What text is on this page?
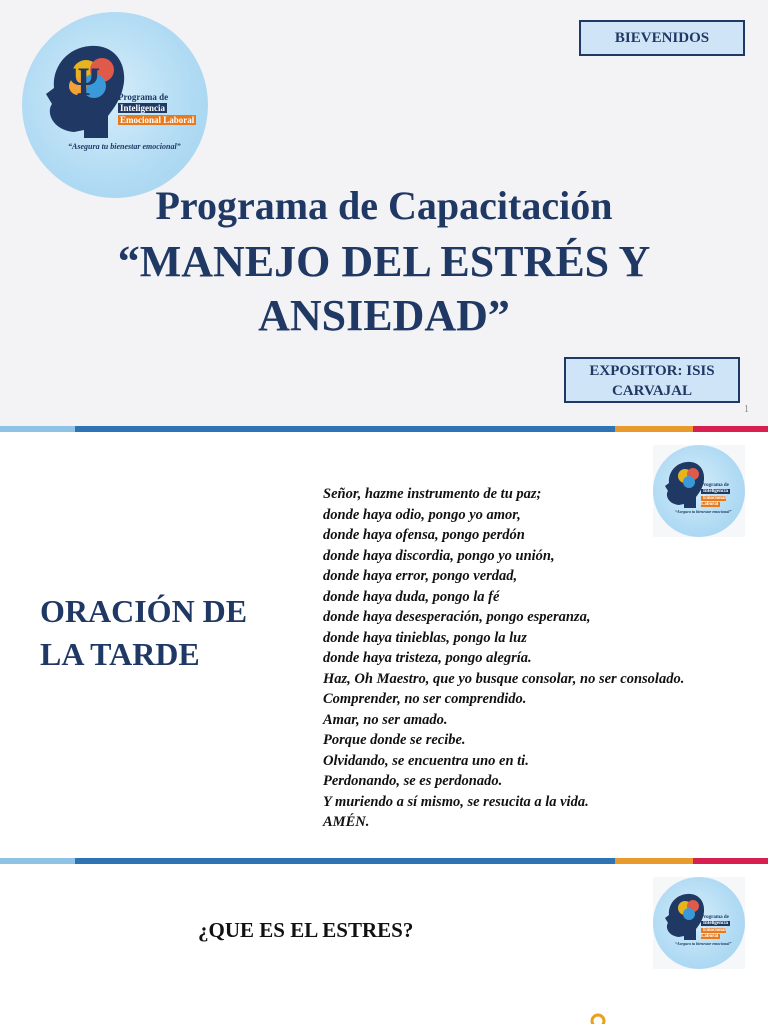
Ψ Programa de
Inteligencia
Emocional Laboral
“Asegura tu bienestar emocional”
BIEVENIDOS
Programa de Capacitación
“MANEJO DEL ESTRÉS Y
ANSIEDAD”
EXPOSITOR: ISIS
CARVAJAL
1
Programa de
Inteligencia
Emocional Laboral
“Asegura tu bienestar emocional”
ORACIÓN DE
LA TARDE
Señor, hazme instrumento de tu paz;
donde haya odio, pongo yo amor,
donde haya ofensa, pongo perdón
donde haya discordia, pongo yo unión,
donde haya error, pongo verdad,
donde haya duda, pongo la fé
donde haya desesperación, pongo esperanza,
donde haya tinieblas, pongo la luz
donde haya tristeza, pongo alegría.
Haz, Oh Maestro, que yo busque consolar, no ser consolado.
Comprender, no ser comprendido.
Amar, no ser amado.
Porque donde se recibe.
Olvidando, se encuentra uno en ti.
Perdonando, se es perdonado.
Y muriendo a sí mismo, se resucita a la vida.
AMÉN.
Programa de
Inteligencia
Emocional Laboral
“Asegura tu bienestar emocional”
¿QUE ES EL ESTRES?
